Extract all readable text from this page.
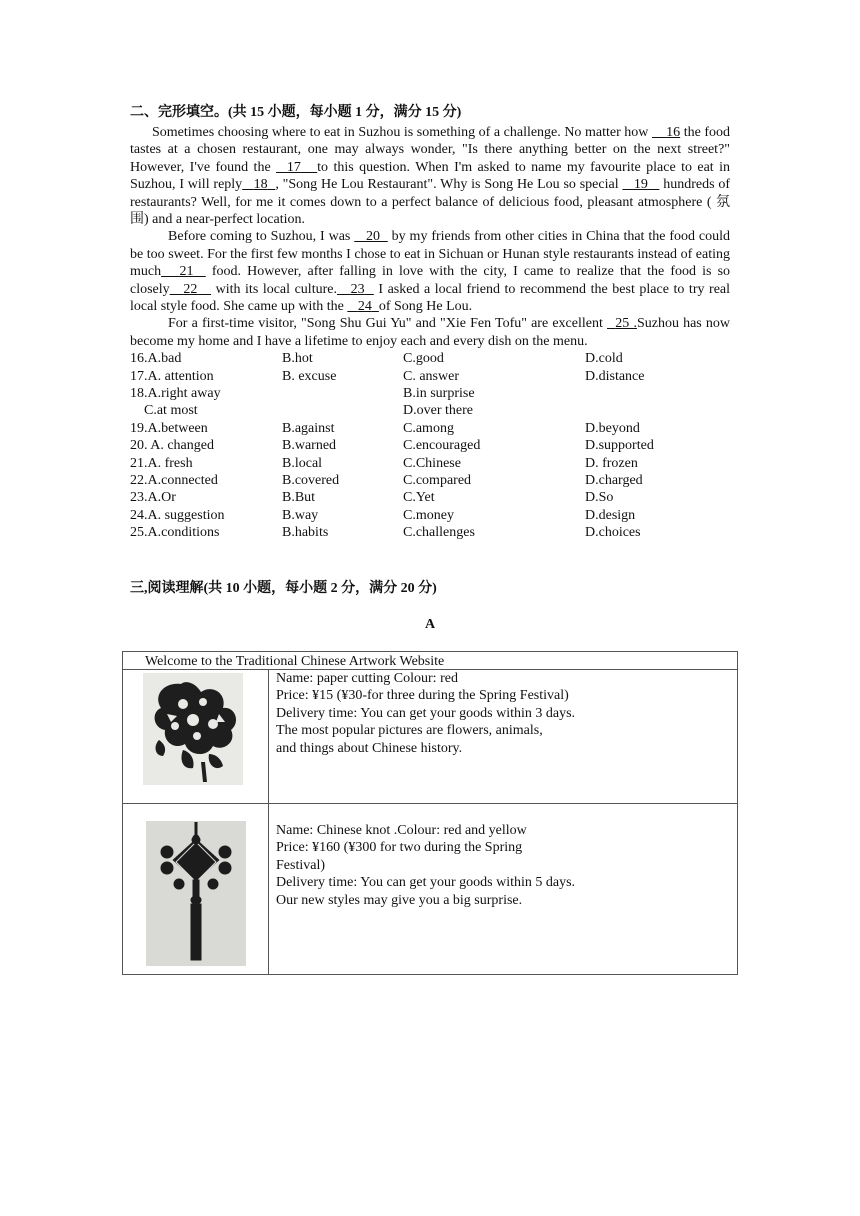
二、完形填空。(共 15 小题，每小题 1 分，满分 15 分)

Sometimes choosing where to eat in Suzhou is something of a challenge. No matter how     16 the food tastes at a chosen restaurant, one may always wonder, "Is there anything better on the next street?" However, I've found the   17 to this question. When I'm asked to name my favourite place to eat in Suzhou, I will reply 18 , "Song He Lou Restaurant". Why is Song He Lou so special    19    hundreds of restaurants? Well, for me it comes down to a perfect balance of delicious food, pleasant atmosphere ( 氛围) and a near-perfect location.

Before coming to Suzhou, I was    20   by my friends from other cities in China that the food could be too sweet. For the first few months I chose to eat in Sichuan or Hunan style restaurants instead of eating much 21   food. However, after falling in love with the city, I came to realize that the food is so closely 22    with its local culture. 23   I asked a local friend to recommend the best place to try real local style food. She came up with the    24 of Song He Lou.

For a first-time visitor, "Song Shu Gui Yu" and "Xie Fen Tofu" are excellent   25 .Suzhou has now become my home and I have a lifetime to enjoy each and every dish on the menu.

16.A.bad	B.hot	C.good	D.cold
17.A. attention	B. excuse	C. answer	D.distance
18.A.right away	B.in surprise
C.at most	D.over there
19.A.between	B.against	C.among	D.beyond
20. A. changed	B.warned	C.encouraged	D.supported
21.A. fresh	B.local	C.Chinese	D. frozen
22.A.connected	B.covered	C.compared	D.charged
23.A.Or	B.But	C.Yet	D.So
24.A. suggestion	B.way	C.money	D.design
25.A.conditions	B.habits	C.challenges	D.choices
三,阅读理解(共 10 小题，每小题 2 分，满分 20 分)
A
Welcome to the Traditional Chinese Artwork Website	

Name: paper cutting Colour: red
Price: ¥15 (¥30-for three during the Spring Festival)
Delivery time: You can get your goods within 3 days.
The most popular pictures are flowers, animals,
and things about Chinese history.

Name: Chinese knot .Colour: red and yellow
Price: ¥160 (¥300 for two during the Spring
Festival)
Delivery time: You can get your goods within 5 days.
Our new styles may give you a big surprise.
